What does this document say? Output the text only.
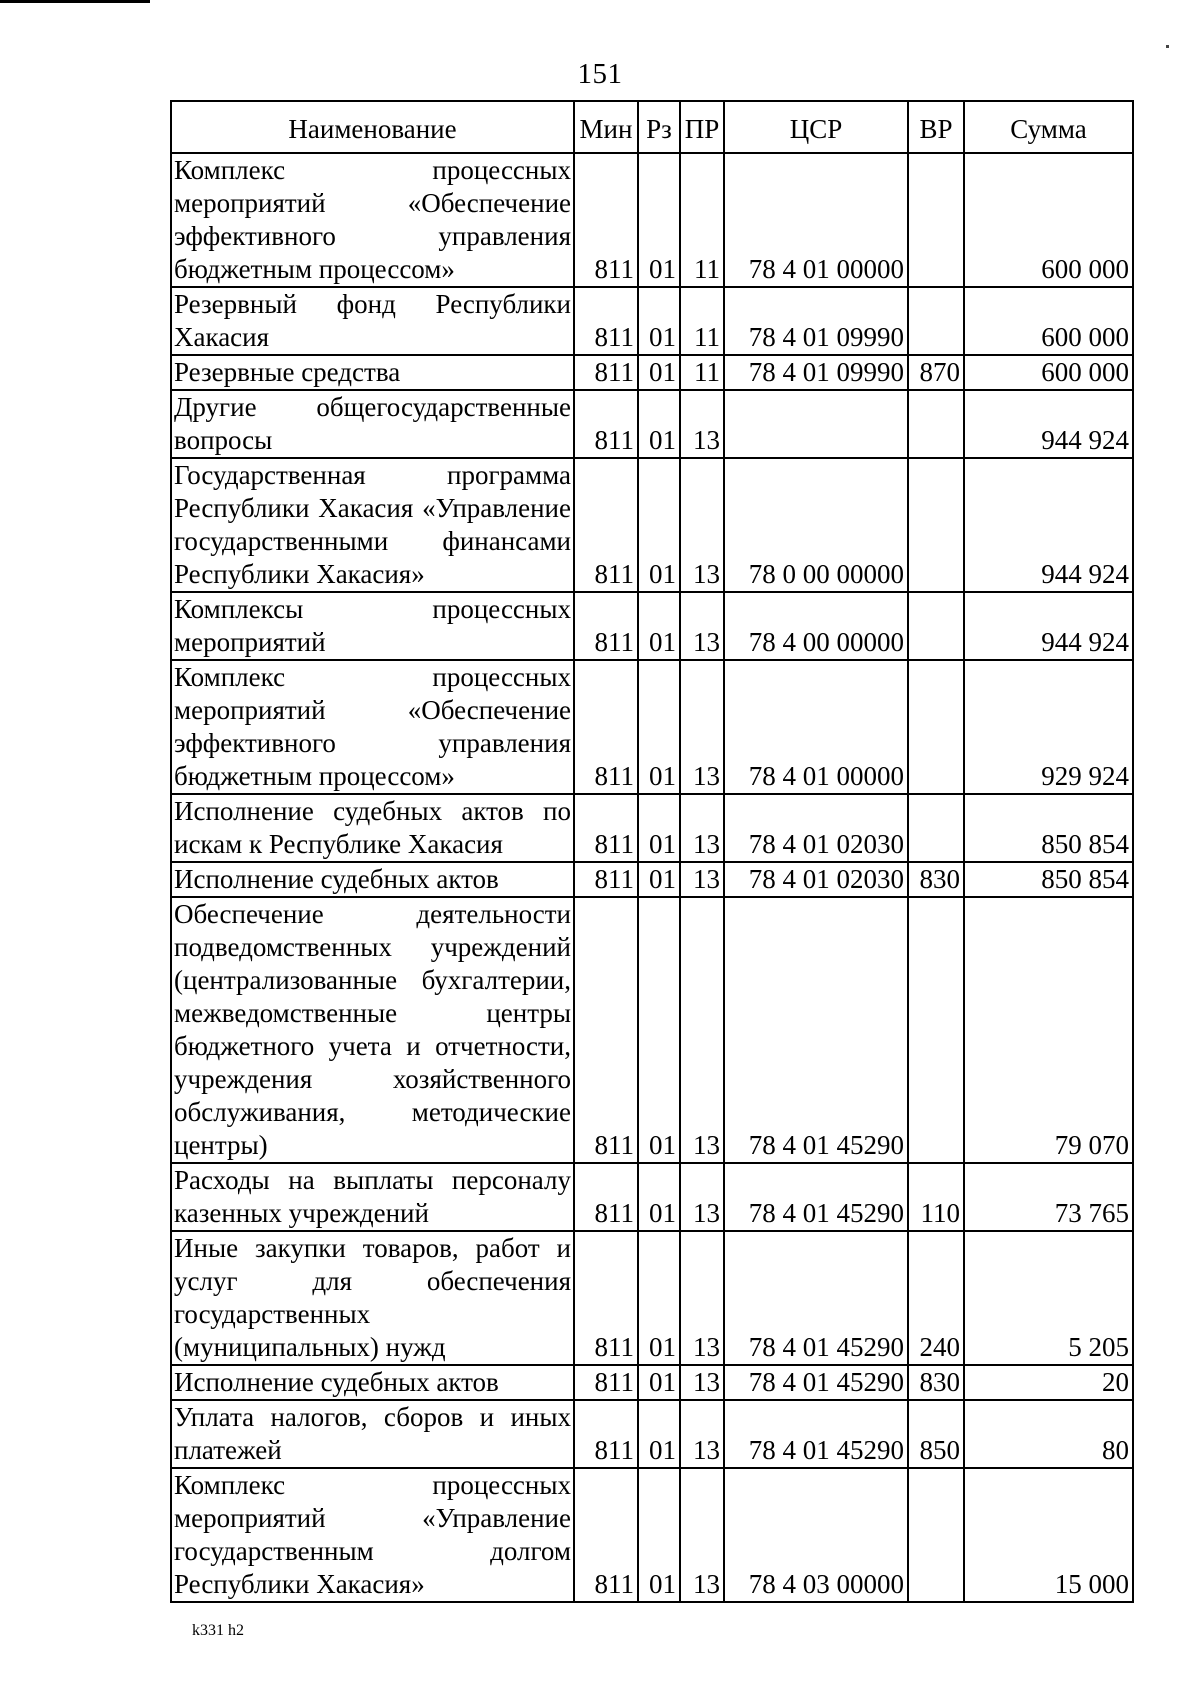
151
Наименование	Мин	Рз	ПР	ЦСР	ВР	Сумма
Комплекс процессных мероприятий «Обеспечение эффективного управления бюджетным процессом»	811	01	11	78 4 01 00000		600 000
Резервный фонд Республики Хакасия	811	01	11	78 4 01 09990		600 000
Резервные средства	811	01	11	78 4 01 09990	870	600 000
Другие общегосударственные вопросы	811	01	13			944 924
Государственная программа Республики Хакасия «Управление государственными финансами Республики Хакасия»	811	01	13	78 0 00 00000		944 924
Комплексы процессных мероприятий	811	01	13	78 4 00 00000		944 924
Комплекс процессных мероприятий «Обеспечение эффективного управления бюджетным процессом»	811	01	13	78 4 01 00000		929 924
Исполнение судебных актов по искам к Республике Хакасия	811	01	13	78 4 01 02030		850 854
Исполнение судебных актов	811	01	13	78 4 01 02030	830	850 854
Обеспечение деятельности подведомственных учреждений (централизованные бухгалтерии, межведомственные центры бюджетного учета и отчетности, учреждения хозяйственного обслуживания, методические центры)	811	01	13	78 4 01 45290		79 070
Расходы на выплаты персоналу казенных учреждений	811	01	13	78 4 01 45290	110	73 765
Иные закупки товаров, работ и услуг для обеспечения государственных (муниципальных) нужд	811	01	13	78 4 01 45290	240	5 205
Исполнение судебных актов	811	01	13	78 4 01 45290	830	20
Уплата налогов, сборов и иных платежей	811	01	13	78 4 01 45290	850	80
Комплекс процессных мероприятий «Управление государственным долгом Республики Хакасия»	811	01	13	78 4 03 00000		15 000
k331 h2
